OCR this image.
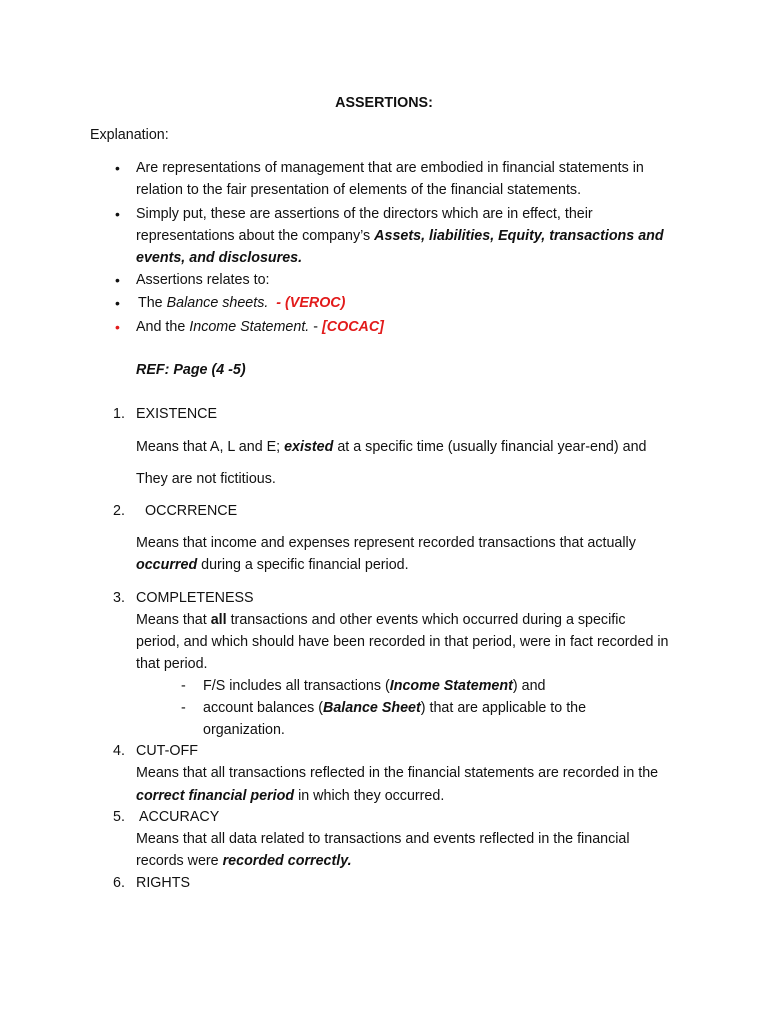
ASSERTIONS:
Explanation:
• Are representations of management that are embodied in financial statements in
relation to the fair presentation of elements of the financial statements.
• Simply put, these are assertions of the directors which are in effect, their
representations about the company’s Assets, liabilities, Equity, transactions and
events, and disclosures.
• Assertions relates to:
• The Balance sheets. - (VEROC)
• And the Income Statement. - [COCAC]
REF: Page (4 -5)
1. EXISTENCE
Means that A, L and E; existed at a specific time (usually financial year-end) and
They are not fictitious.
2. OCCRRENCE
Means that income and expenses represent recorded transactions that actually
occurred during a specific financial period.
3. COMPLETENESS
Means that all transactions and other events which occurred during a specific
period, and which should have been recorded in that period, were in fact recorded in
that period.
- F/S includes all transactions (Income Statement) and
- account balances (Balance Sheet) that are applicable to the
organization.
4. CUT-OFF
Means that all transactions reflected in the financial statements are recorded in the
correct financial period in which they occurred.
5. ACCURACY
Means that all data related to transactions and events reflected in the financial
records were recorded correctly.
6. RIGHTS
